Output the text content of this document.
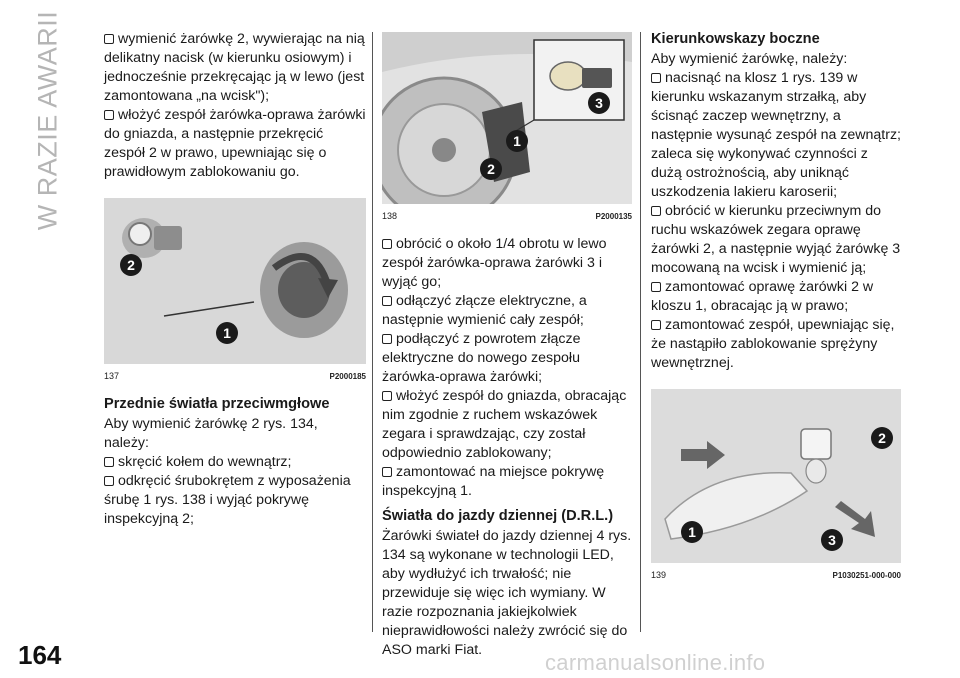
W RAZIE AWARII
164	carmanualsonline.info

wymienić żarówkę 2, wywierając na nią delikatny nacisk (w kierunku osiowym) i jednocześnie przekręcając ją w lewo (jest zamontowana „na wcisk");

włożyć zespół żarówka-oprawa żarówki do gniazda, a następnie przekręcić zespół 2 w prawo, upewniając się o prawidłowym zablokowaniu go.

2
1
137	P2000185
Przednie światła przeciwmgłowe

Aby wymienić żarówkę 2 rys. 134, należy:

skręcić kołem do wewnątrz;

odkręcić śrubokrętem z wyposażenia śrubę 1 rys. 138 i wyjąć pokrywę inspekcyjną 2;

3
1
2
138	P2000135

obrócić o około 1/4 obrotu w lewo zespół żarówka-oprawa żarówki 3 i wyjąć go;

odłączyć złącze elektryczne, a następnie wymienić cały zespół;

podłączyć z powrotem złącze elektryczne do nowego zespołu żarówka-oprawa żarówki;

włożyć zespół do gniazda, obracając nim zgodnie z ruchem wskazówek zegara i sprawdzając, czy został odpowiednio zablokowany;

zamontować na miejsce pokrywę inspekcyjną 1.

Światła do jazdy dziennej (D.R.L.)

Żarówki świateł do jazdy dziennej 4 rys. 134 są wykonane w technologii LED, aby wydłużyć ich trwałość; nie przewiduje się więc ich wymiany. W razie rozpoznania jakiejkolwiek nieprawidłowości należy zwrócić się do ASO marki Fiat.

Kierunkowskazy boczne

Aby wymienić żarówkę, należy:

nacisnąć na klosz 1 rys. 139 w kierunku wskazanym strzałką, aby ścisnąć zaczep wewnętrzny, a następnie wysunąć zespół na zewnątrz; zaleca się wykonywać czynności z dużą ostrożnością, aby uniknąć uszkodzenia lakieru karoserii;

obrócić w kierunku przeciwnym do ruchu wskazówek zegara oprawę żarówki 2, a następnie wyjąć żarówkę 3 mocowaną na wcisk i wymienić ją;

zamontować oprawę żarówki 2 w kloszu 1, obracając ją w prawo;

zamontować zespół, upewniając się, że nastąpiło zablokowanie sprężyny wewnętrznej.

2
1	3
139	P1030251-000-000
